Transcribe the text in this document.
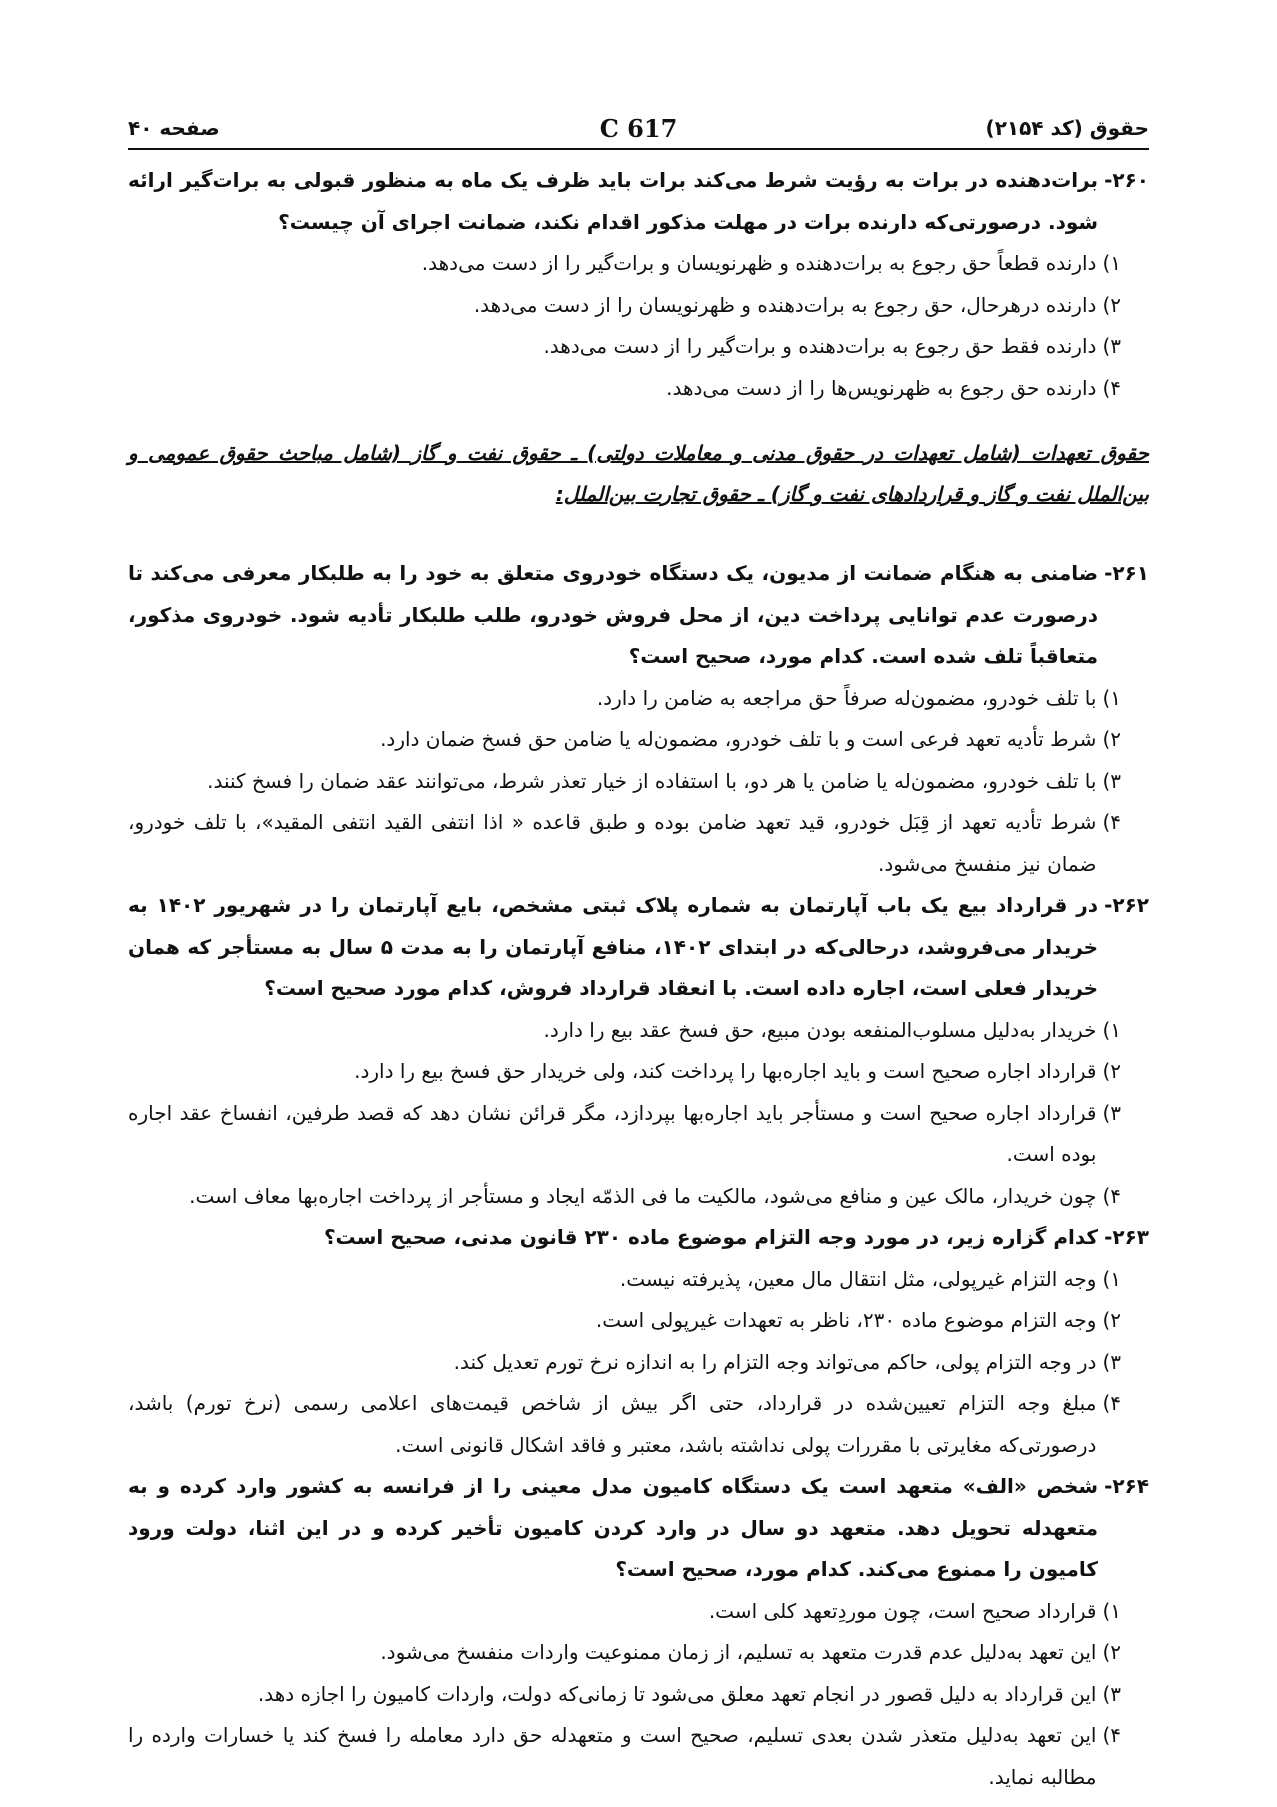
حقوق (کد ۲۱۵۴)
617 C
صفحه ۴۰
۲۶۰-
برات‌دهنده در برات به رؤیت شرط می‌کند برات باید ظرف یک ماه به منظور قبولی به برات‌گیر ارائه شود. درصورتی‌که دارنده برات در مهلت مذکور اقدام نکند، ضمانت اجرای آن چیست؟
۱)
دارنده قطعاً حق رجوع به برات‌دهنده و ظهرنویسان و برات‌گیر را از دست می‌دهد.
۲)
دارنده درهرحال، حق رجوع به برات‌دهنده و ظهرنویسان را از دست می‌دهد.
۳)
دارنده فقط حق رجوع به برات‌دهنده و برات‌گیر را از دست می‌دهد.
۴)
دارنده حق رجوع به ظهرنویس‌ها را از دست می‌دهد.
حقوق تعهدات (شامل تعهدات در حقوق مدنی و معاملات دولتی) ـ حقوق نفت و گاز (شامل مباحث حقوق عمومی و بین‌الملل نفت و گاز و قراردادهای نفت و گاز) ـ حقوق تجارت بین‌الملل:
۲۶۱-
ضامنی به هنگام ضمانت از مدیون، یک دستگاه خودروی متعلق به خود را به طلبکار معرفی می‌کند تا درصورت عدم توانایی پرداخت دین، از محل فروش خودرو، طلب طلبکار تأدیه شود. خودروی مذکور، متعاقباً تلف شده است. کدام مورد، صحیح است؟
۱)
با تلف خودرو، مضمون‌له صرفاً حق مراجعه به ضامن را دارد.
۲)
شرط تأدیه تعهد فرعی است و با تلف خودرو، مضمون‌له یا ضامن حق فسخ ضمان دارد.
۳)
با تلف خودرو، مضمون‌له یا ضامن یا هر دو، با استفاده از خیار تعذر شرط، می‌توانند عقد ضمان را فسخ کنند.
۴)
شرط تأدیه تعهد از قِبَل خودرو، قید تعهد ضامن بوده و طبق قاعده « اذا انتفی القید انتفی المقید»، با تلف خودرو، ضمان نیز منفسخ می‌شود.
۲۶۲-
در قرارداد بیع یک باب آپارتمان به شماره پلاک ثبتی مشخص، بایع آپارتمان را در شهریور ۱۴۰۲ به خریدار می‌فروشد، درحالی‌که در ابتدای ۱۴۰۲، منافع آپارتمان را به مدت ۵ سال به مستأجر که همان خریدار فعلی است، اجاره داده است. با انعقاد قرارداد فروش، کدام مورد صحیح است؟
۱)
خریدار به‌دلیل مسلوب‌المنفعه بودن مبیع، حق فسخ عقد بیع را دارد.
۲)
قرارداد اجاره صحیح است و باید اجاره‌بها را پرداخت کند، ولی خریدار حق فسخ بیع را دارد.
۳)
قرارداد اجاره صحیح است و مستأجر باید اجاره‌بها بپردازد، مگر قرائن نشان دهد که قصد طرفین، انفساخ عقد اجاره بوده است.
۴)
چون خریدار، مالک عین و منافع می‌شود، مالکیت ما فی الذمّه ایجاد و مستأجر از پرداخت اجاره‌بها معاف است.
۲۶۳-
کدام گزاره زیر، در مورد وجه التزام موضوع ماده ۲۳۰ قانون مدنی، صحیح است؟
۱)
وجه التزام غیرپولی، مثل انتقال مال معین، پذیرفته نیست.
۲)
وجه التزام موضوع ماده ۲۳۰، ناظر به تعهدات غیرپولی است.
۳)
در وجه التزام پولی، حاکم می‌تواند وجه التزام را به اندازه نرخ تورم تعدیل کند.
۴)
مبلغ وجه التزام تعیین‌شده در قرارداد، حتی اگر بیش از شاخص قیمت‌های اعلامی رسمی (نرخ تورم) باشد، درصورتی‌که مغایرتی با مقررات پولی نداشته باشد، معتبر و فاقد اشکال قانونی است.
۲۶۴-
شخص «الف» متعهد است یک دستگاه کامیون مدل معینی را از فرانسه به کشور وارد کرده و به متعهدله تحویل دهد. متعهد دو سال در وارد کردن کامیون تأخیر کرده و در این اثنا، دولت ورود کامیون را ممنوع می‌کند. کدام مورد، صحیح است؟
۱)
قرارداد صحیح است، چون موردِتعهد کلی است.
۲)
این تعهد به‌دلیل عدم قدرت متعهد به تسلیم، از زمان ممنوعیت واردات منفسخ می‌شود.
۳)
این قرارداد به دلیل قصور در انجام تعهد معلق می‌شود تا زمانی‌که دولت، واردات کامیون را اجازه دهد.
۴)
این تعهد به‌دلیل متعذر شدن بعدی تسلیم، صحیح است و متعهدله حق دارد معامله را فسخ کند یا خسارات وارده را مطالبه نماید.
